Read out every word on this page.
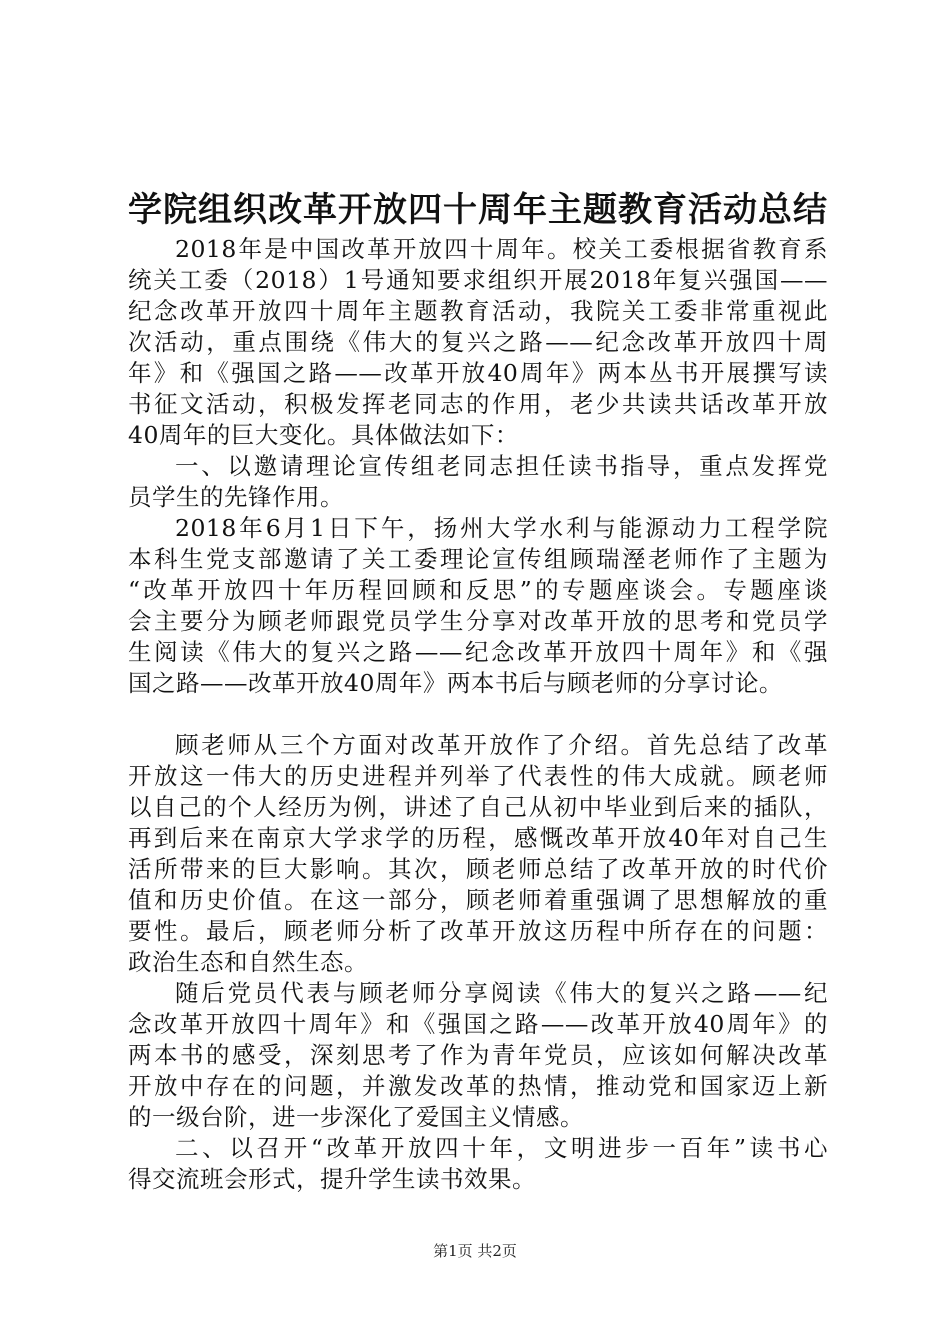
学院组织改革开放四十周年主题教育活动总结
2018年是中国改革开放四十周年。校关工委根据省教育系
统关工委（2018）1号通知要求组织开展2018年复兴强国——
纪念改革开放四十周年主题教育活动，我院关工委非常重视此
次活动，重点围绕《伟大的复兴之路——纪念改革开放四十周
年》和《强国之路——改革开放40周年》两本丛书开展撰写读
书征文活动，积极发挥老同志的作用，老少共读共话改革开放
40周年的巨大变化。具体做法如下：
一、以邀请理论宣传组老同志担任读书指导，重点发挥党
员学生的先锋作用。
2018年6月1日下午，扬州大学水利与能源动力工程学院
本科生党支部邀请了关工委理论宣传组顾瑞溼老师作了主题为
“改革开放四十年历程回顾和反思”的专题座谈会。专题座谈
会主要分为顾老师跟党员学生分享对改革开放的思考和党员学
生阅读《伟大的复兴之路——纪念改革开放四十周年》和《强
国之路——改革开放40周年》两本书后与顾老师的分享讨论。
顾老师从三个方面对改革开放作了介绍。首先总结了改革
开放这一伟大的历史进程并列举了代表性的伟大成就。顾老师
以自己的个人经历为例，讲述了自己从初中毕业到后来的插队，
再到后来在南京大学求学的历程，感慨改革开放40年对自己生
活所带来的巨大影响。其次，顾老师总结了改革开放的时代价
值和历史价值。在这一部分，顾老师着重强调了思想解放的重
要性。最后，顾老师分析了改革开放这历程中所存在的问题：
政治生态和自然生态。
随后党员代表与顾老师分享阅读《伟大的复兴之路——纪
念改革开放四十周年》和《强国之路——改革开放40周年》的
两本书的感受，深刻思考了作为青年党员，应该如何解决改革
开放中存在的问题，并激发改革的热情，推动党和国家迈上新
的一级台阶，进一步深化了爱国主义情感。
二、以召开“改革开放四十年，文明进步一百年”读书心
得交流班会形式，提升学生读书效果。
第1页 共2页
